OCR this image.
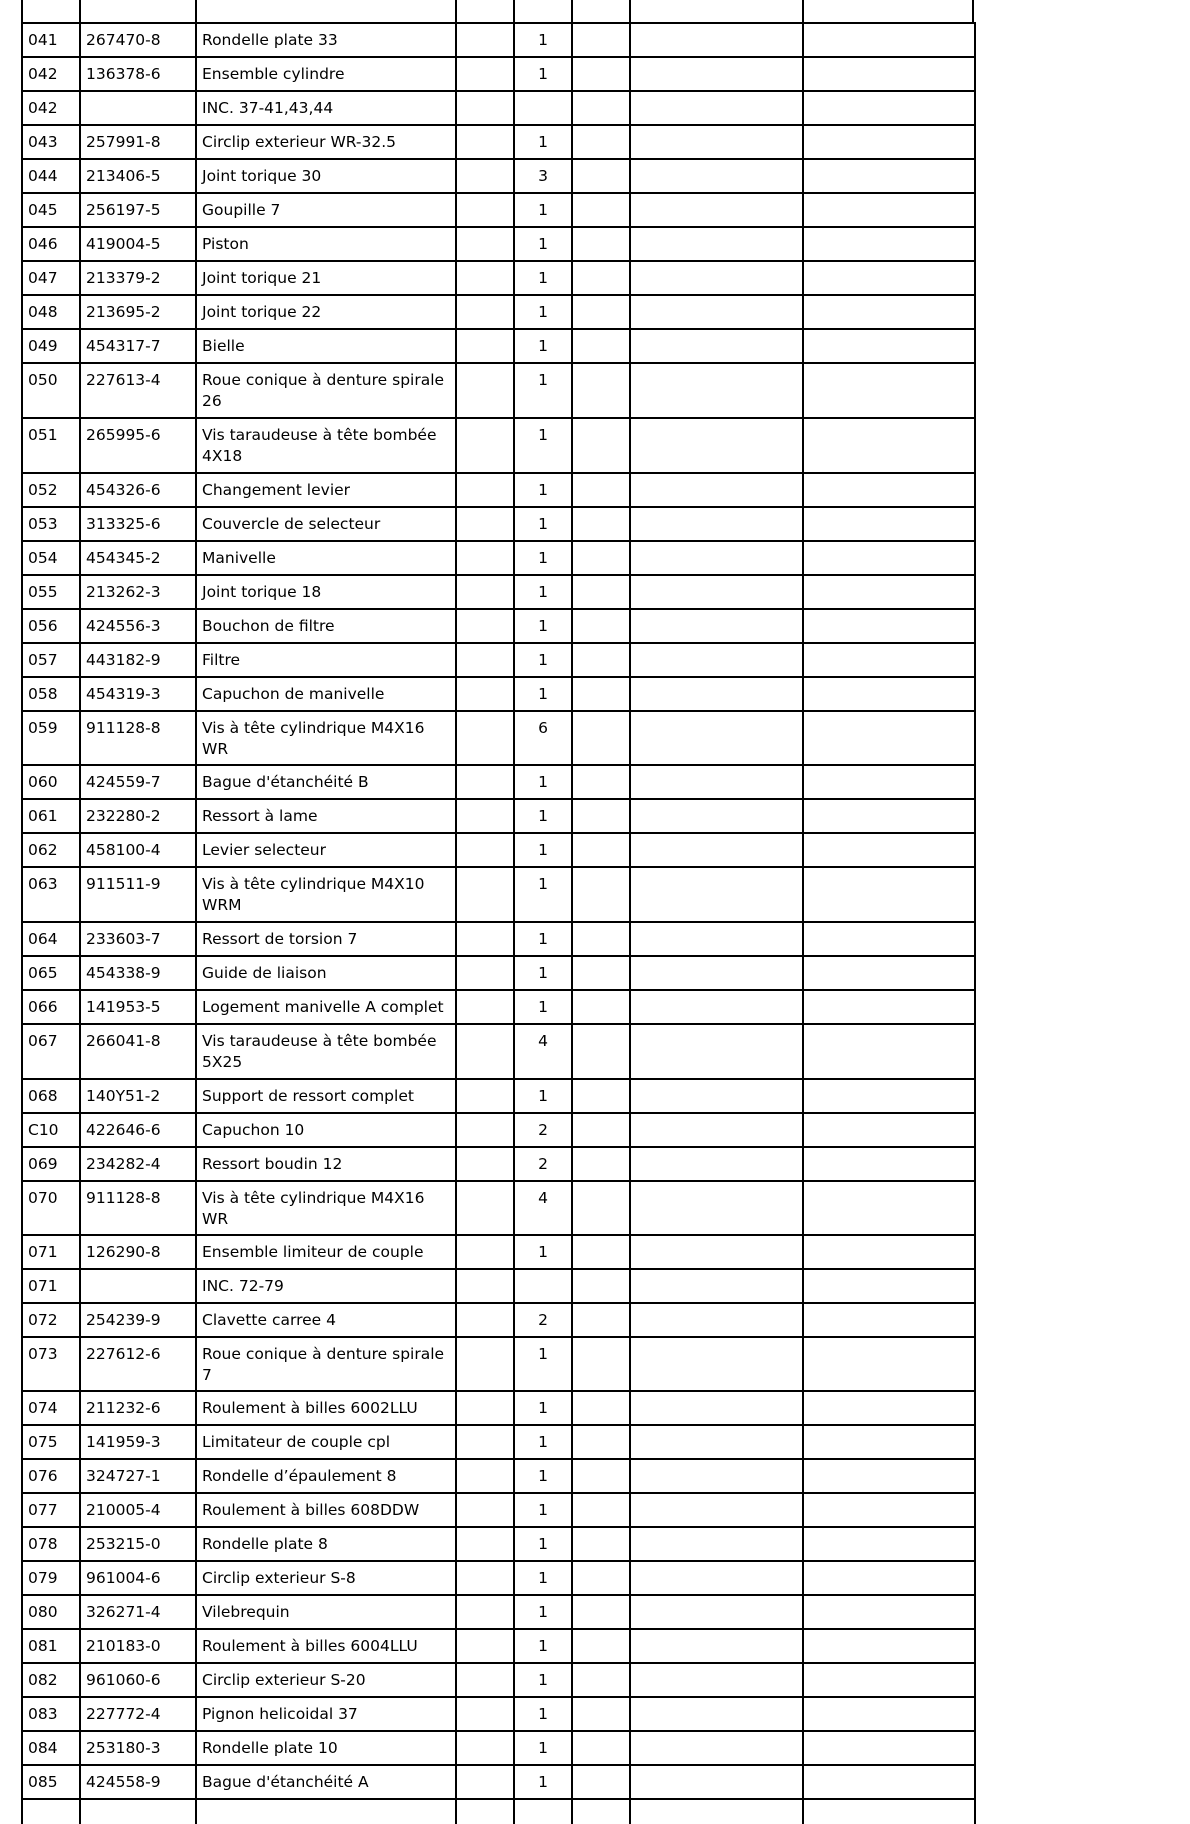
041	267470-8	Rondelle plate 33		1			
042	136378-6	Ensemble cylindre		1			
042		INC. 37-41,43,44					
043	257991-8	Circlip exterieur WR-32.5		1			
044	213406-5	Joint torique 30		3			
045	256197-5	Goupille 7		1			
046	419004-5	Piston		1			
047	213379-2	Joint torique 21		1			
048	213695-2	Joint torique 22		1			
049	454317-7	Bielle		1			
050	227613-4	Roue conique à denture spirale 26		1			
051	265995-6	Vis taraudeuse à tête bombée 4X18		1			
052	454326-6	Changement levier		1			
053	313325-6	Couvercle de selecteur		1			
054	454345-2	Manivelle		1			
055	213262-3	Joint torique 18		1			
056	424556-3	Bouchon de filtre		1			
057	443182-9	Filtre		1			
058	454319-3	Capuchon de manivelle		1			
059	911128-8	Vis à tête cylindrique M4X16 WR		6			
060	424559-7	Bague d'étanchéité B		1			
061	232280-2	Ressort à lame		1			
062	458100-4	Levier selecteur		1			
063	911511-9	Vis à tête cylindrique M4X10 WRM		1			
064	233603-7	Ressort de torsion 7		1			
065	454338-9	Guide de liaison		1			
066	141953-5	Logement manivelle A complet		1			
067	266041-8	Vis taraudeuse à tête bombée 5X25		4			
068	140Y51-2	Support de ressort complet		1			
C10	422646-6	Capuchon 10		2			
069	234282-4	Ressort boudin 12		2			
070	911128-8	Vis à tête cylindrique M4X16 WR		4			
071	126290-8	Ensemble limiteur de couple		1			
071		INC. 72-79					
072	254239-9	Clavette carree 4		2			
073	227612-6	Roue conique à denture spirale 7		1			
074	211232-6	Roulement à billes 6002LLU		1			
075	141959-3	Limitateur de couple cpl		1			
076	324727-1	Rondelle d’épaulement 8		1			
077	210005-4	Roulement à billes 608DDW		1			
078	253215-0	Rondelle plate 8		1			
079	961004-6	Circlip exterieur S-8		1			
080	326271-4	Vilebrequin		1			
081	210183-0	Roulement à billes 6004LLU		1			
082	961060-6	Circlip exterieur S-20		1			
083	227772-4	Pignon helicoidal 37		1			
084	253180-3	Rondelle plate 10		1			
085	424558-9	Bague d'étanchéité A		1			
